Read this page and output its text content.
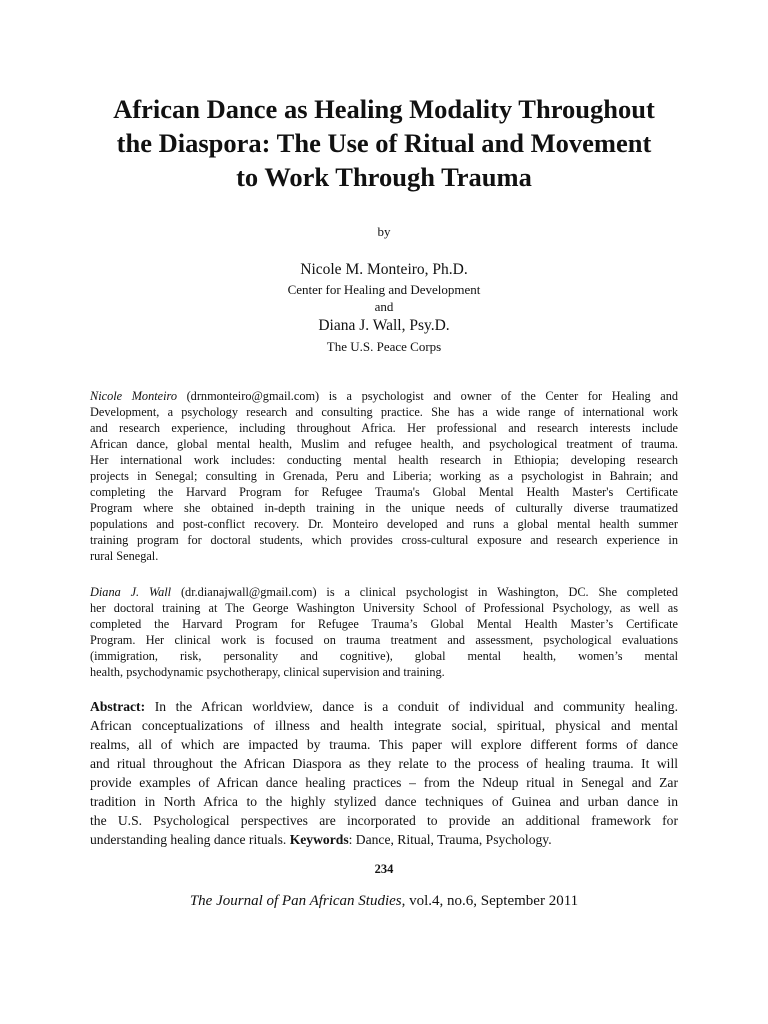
African Dance as Healing Modality Throughout
the Diaspora: The Use of Ritual and Movement
to Work Through Trauma
by
Nicole M. Monteiro, Ph.D.
Center for Healing and Development
and
Diana J. Wall, Psy.D.
The U.S. Peace Corps
Nicole Monteiro (drnmonteiro@gmail.com) is a psychologist and owner of the Center for Healing and
Development, a psychology research and consulting practice. She has a wide range of international work
and research experience, including throughout Africa. Her professional and research interests include
African dance, global mental health, Muslim and refugee health, and psychological treatment of trauma.
Her international work includes: conducting mental health research in Ethiopia; developing research
projects in Senegal; consulting in Grenada, Peru and Liberia; working as a psychologist in Bahrain; and
completing the Harvard Program for Refugee Trauma's Global Mental Health Master's Certificate
Program where she obtained in-depth training in the unique needs of culturally diverse traumatized
populations and post-conflict recovery. Dr. Monteiro developed and runs a global mental health summer
training program for doctoral students, which provides cross-cultural exposure and research experience in
rural Senegal.
Diana J. Wall (dr.dianajwall@gmail.com) is a clinical psychologist in Washington, DC. She completed
her doctoral training at The George Washington University School of Professional Psychology, as well as
completed the Harvard Program for Refugee Trauma’s Global Mental Health Master’s Certificate
Program. Her clinical work is focused on trauma treatment and assessment, psychological evaluations
(immigration, risk, personality and cognitive), global mental health, women’s mental
health, psychodynamic psychotherapy, clinical supervision and training.
Abstract: In the African worldview, dance is a conduit of individual and community healing.
African conceptualizations of illness and health integrate social, spiritual, physical and mental
realms, all of which are impacted by trauma. This paper will explore different forms of dance
and ritual throughout the African Diaspora as they relate to the process of healing trauma. It will
provide examples of African dance healing practices – from the Ndeup ritual in Senegal and Zar
tradition in North Africa to the highly stylized dance techniques of Guinea and urban dance in
the U.S. Psychological perspectives are incorporated to provide an additional framework for
understanding healing dance rituals. Keywords: Dance, Ritual, Trauma, Psychology.
234
The Journal of Pan African Studies, vol.4, no.6, September 2011
